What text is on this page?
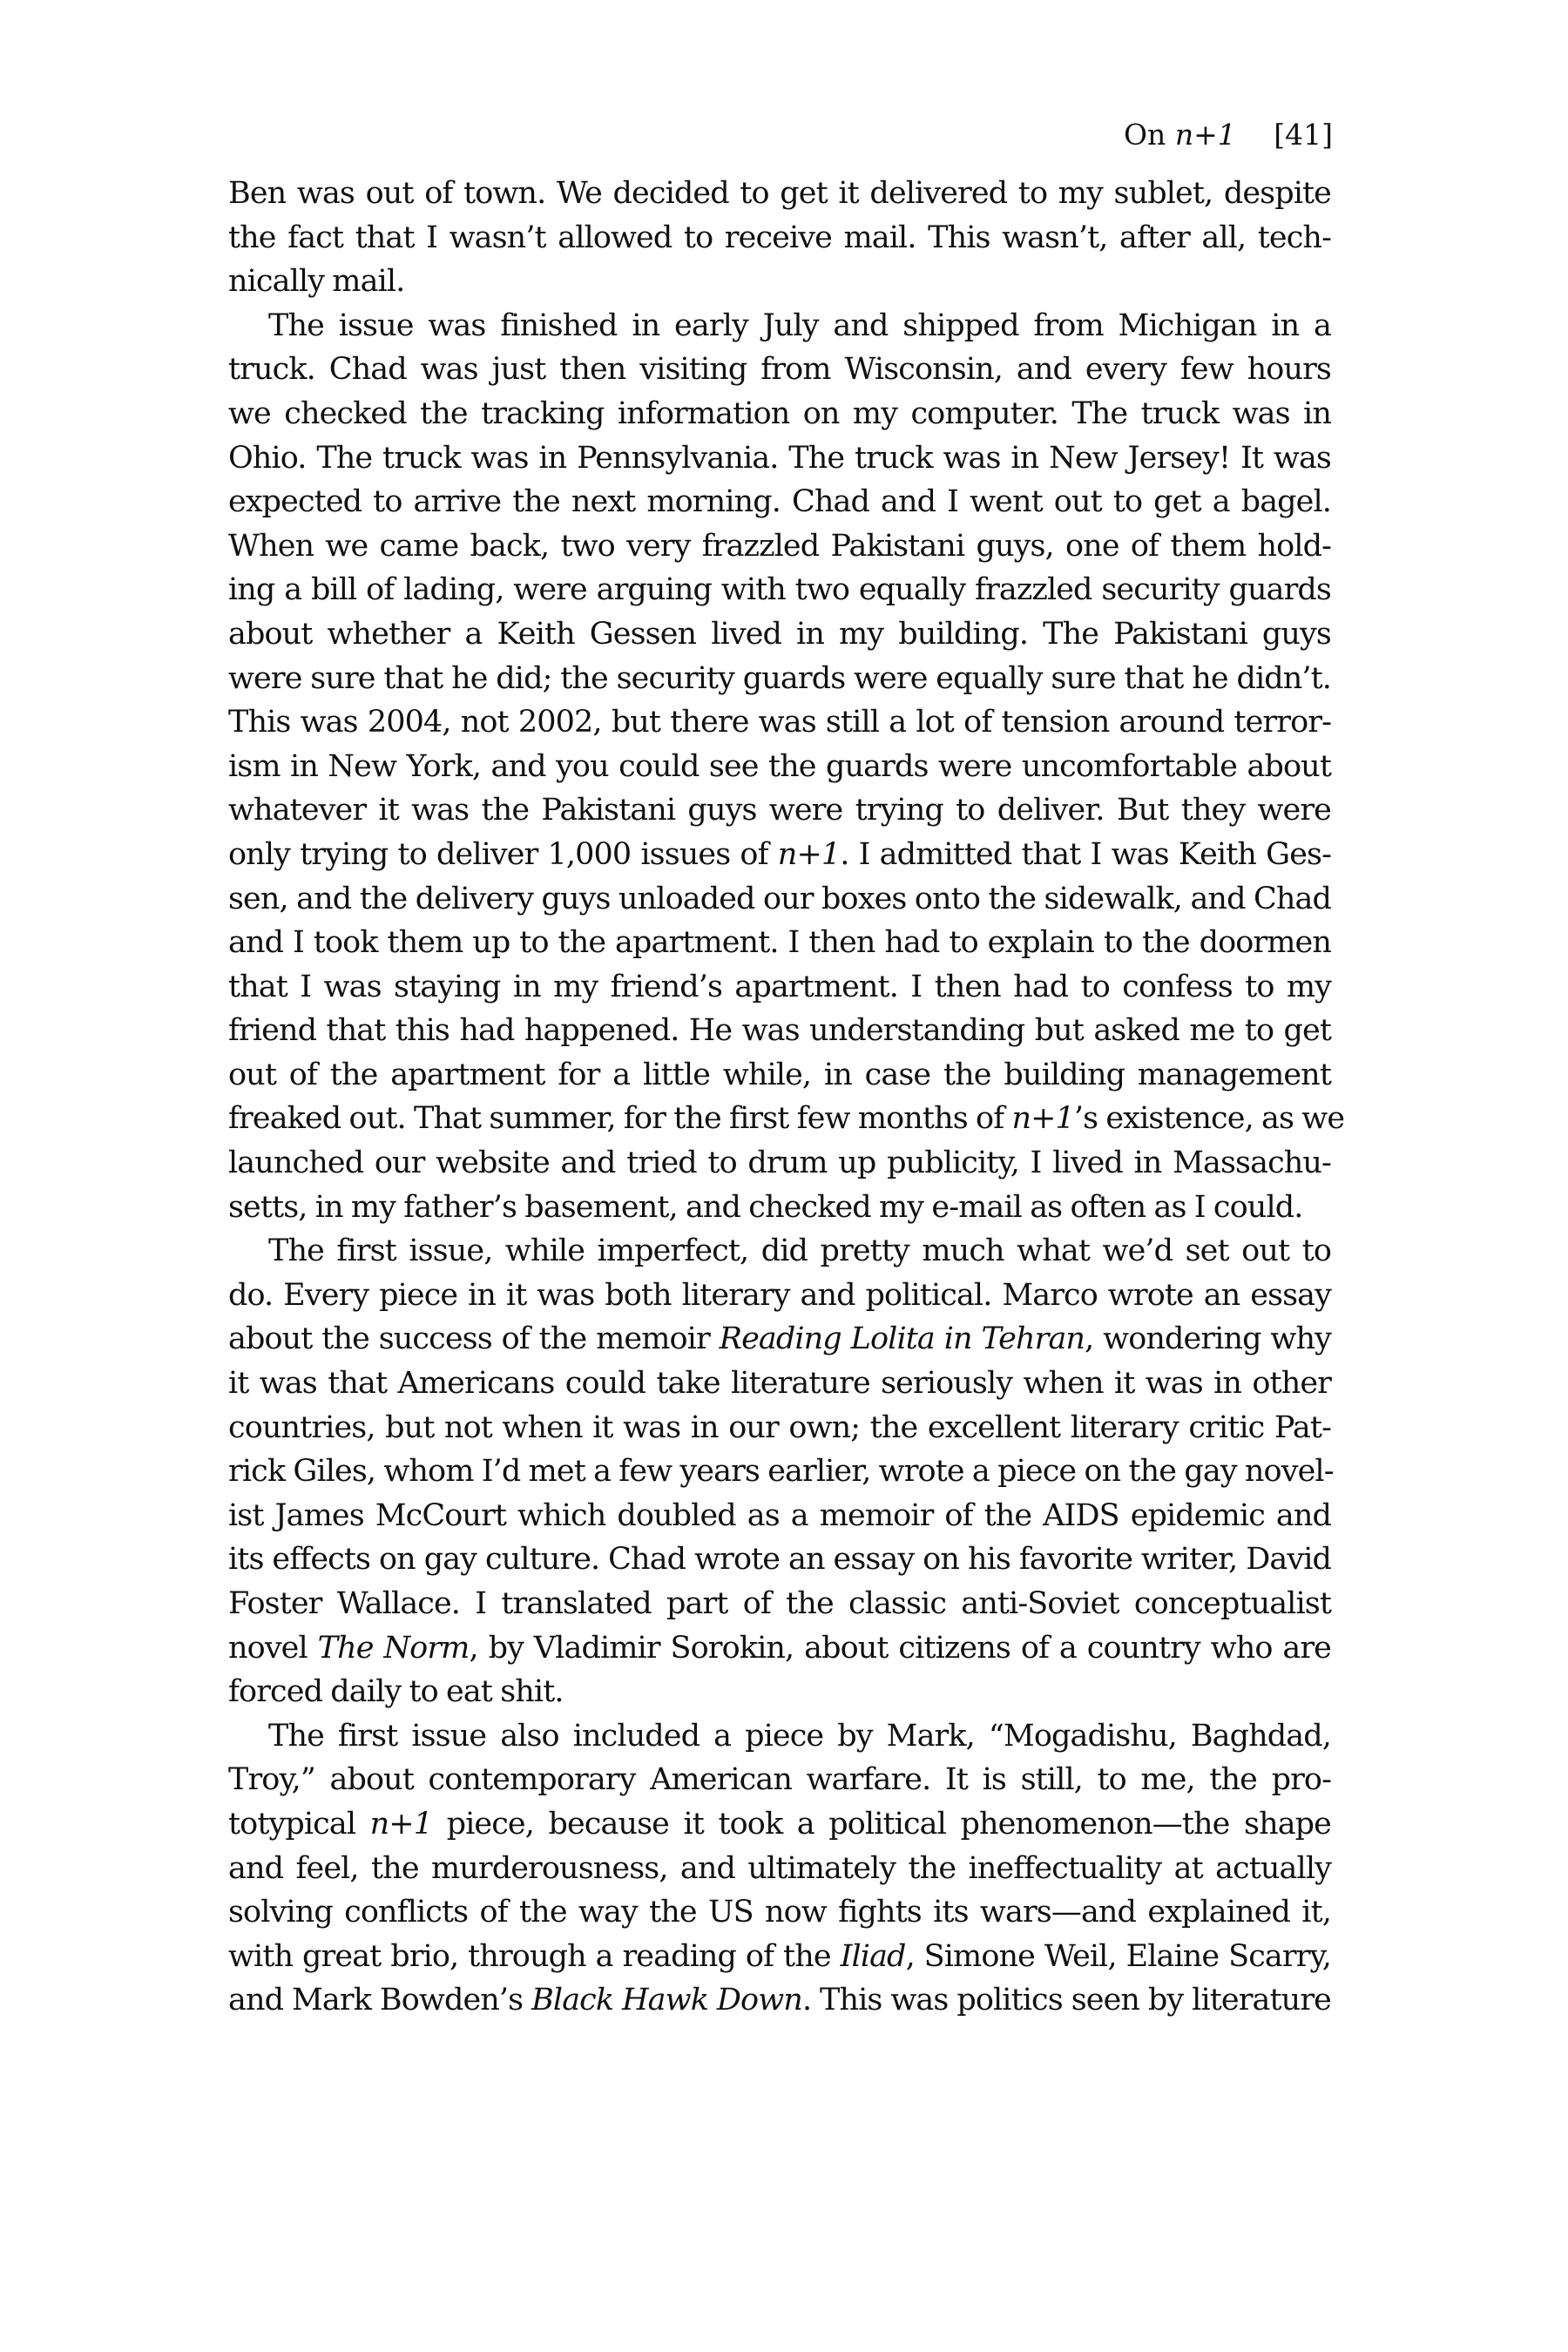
On n+1 [41]
Ben was out of town. We decided to get it delivered to my sublet, despite
the fact that I wasn’t allowed to receive mail. This wasn’t, after all, tech-
nically mail.
The issue was finished in early July and shipped from Michigan in a
truck. Chad was just then visiting from Wisconsin, and every few hours
we checked the tracking information on my computer. The truck was in
Ohio. The truck was in Pennsylvania. The truck was in New Jersey! It was
expected to arrive the next morning. Chad and I went out to get a bagel.
When we came back, two very frazzled Pakistani guys, one of them hold-
ing a bill of lading, were arguing with two equally frazzled security guards
about whether a Keith Gessen lived in my building. The Pakistani guys
were sure that he did; the security guards were equally sure that he didn’t.
This was 2004, not 2002, but there was still a lot of tension around terror-
ism in New York, and you could see the guards were uncomfortable about
whatever it was the Pakistani guys were trying to deliver. But they were
only trying to deliver 1,000 issues of n+1. I admitted that I was Keith Ges-
sen, and the delivery guys unloaded our boxes onto the sidewalk, and Chad
and I took them up to the apartment. I then had to explain to the doormen
that I was staying in my friend’s apartment. I then had to confess to my
friend that this had happened. He was understanding but asked me to get
out of the apartment for a little while, in case the building management
freaked out. That summer, for the first few months of n+1’s existence, as we
launched our website and tried to drum up publicity, I lived in Massachu-
setts, in my father’s basement, and checked my e-mail as often as I could.
The first issue, while imperfect, did pretty much what we’d set out to
do. Every piece in it was both literary and political. Marco wrote an essay
about the success of the memoir Reading Lolita in Tehran, wondering why
it was that Americans could take literature seriously when it was in other
countries, but not when it was in our own; the excellent literary critic Pat-
rick Giles, whom I’d met a few years earlier, wrote a piece on the gay novel-
ist James McCourt which doubled as a memoir of the AIDS epidemic and
its effects on gay culture. Chad wrote an essay on his favorite writer, David
Foster Wallace. I translated part of the classic anti-Soviet conceptualist
novel The Norm, by Vladimir Sorokin, about citizens of a country who are
forced daily to eat shit.
The first issue also included a piece by Mark, “Mogadishu, Baghdad,
Troy,” about contemporary American warfare. It is still, to me, the pro-
totypical n+1 piece, because it took a political phenomenon—the shape
and feel, the murderousness, and ultimately the ineffectuality at actually
solving conflicts of the way the US now fights its wars—and explained it,
with great brio, through a reading of the Iliad, Simone Weil, Elaine Scarry,
and Mark Bowden’s Black Hawk Down. This was politics seen by literature
